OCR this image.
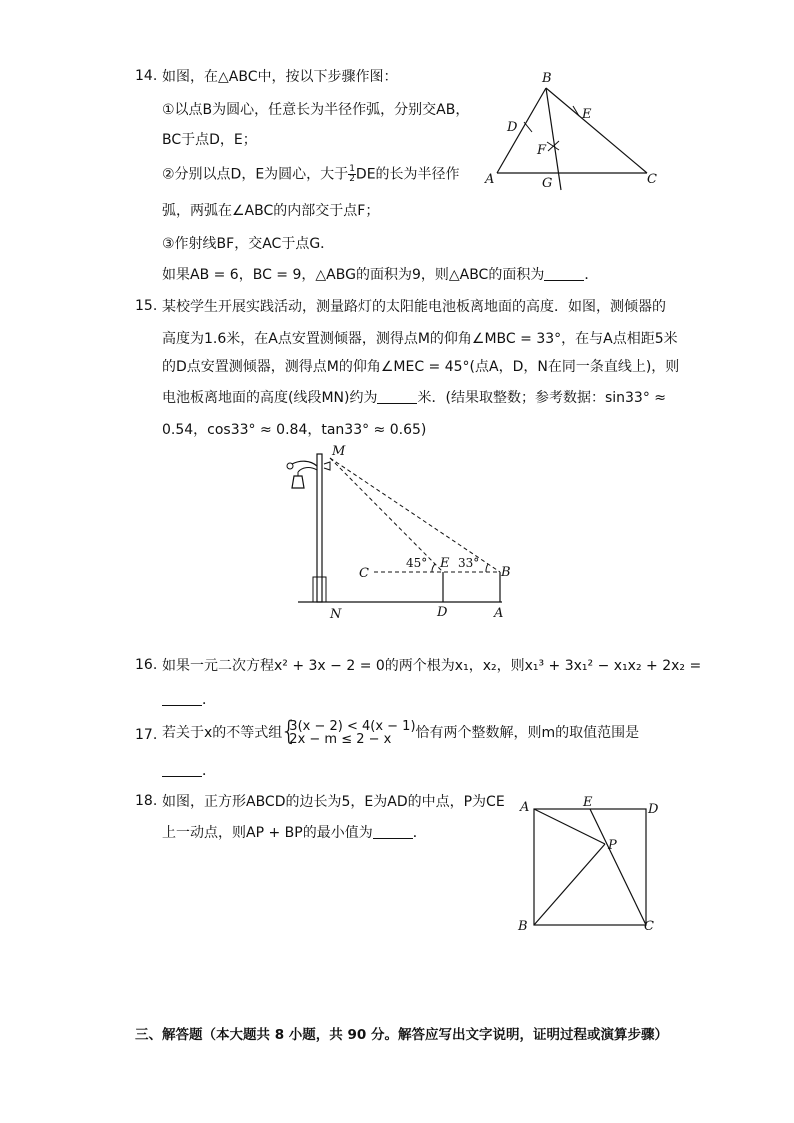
14. 如图，在△ABC中，按以下步骤作图：
①以点B为圆心，任意长为半径作弧，分别交AB，
BC于点D，E；
②分别以点D，E为圆心，大于 $\frac{1}{2}$ DE的长为半径作
弧，两弧在∠ABC的内部交于点F；
③作射线BF，交AC于点G．
如果AB = 6，BC = 9，△ABG的面积为9，则△ABC的面积为	．
B
E
D
F
A	G	C
15. 某校学生开展实践活动，测量路灯的太阳能电池板离地面的高度．如图，测倾器的
高度为1.6米，在A点安置测倾器，测得点M的仰角∠MBC = 33°，在与A点相距5米
的D点安置测倾器，测得点M的仰角∠MEC = 45°(点A，D，N在同一条直线上)，则
电池板离地面的高度(线段MN)约为	米．(结果取整数；参考数据：sin33° ≈
0.54，cos33° ≈ 0.84，tan33° ≈ 0.65)
M
N
C
45° E 33°
B
D	A
16. 如果一元二次方程x² + 3x − 2 = 0的两个根为x₁，x₂，则x₁³ + 3x₁² − x₁x₂ + 2x₂ =
．
17. 若关于x的不等式组
{ 3(x − 2) < 4(x − 1)
2x − m ≤ 2 − x	恰有两个整数解，则m的取值范围是
．
18. 如图，正方形ABCD的边长为5，E为AD的中点，P为CE
上一动点，则AP + BP的最小值为	．
A	E	D
P
B	C
三、解答题（本大题共 8 小题，共 90 分。解答应写出文字说明，证明过程或演算步骤）
